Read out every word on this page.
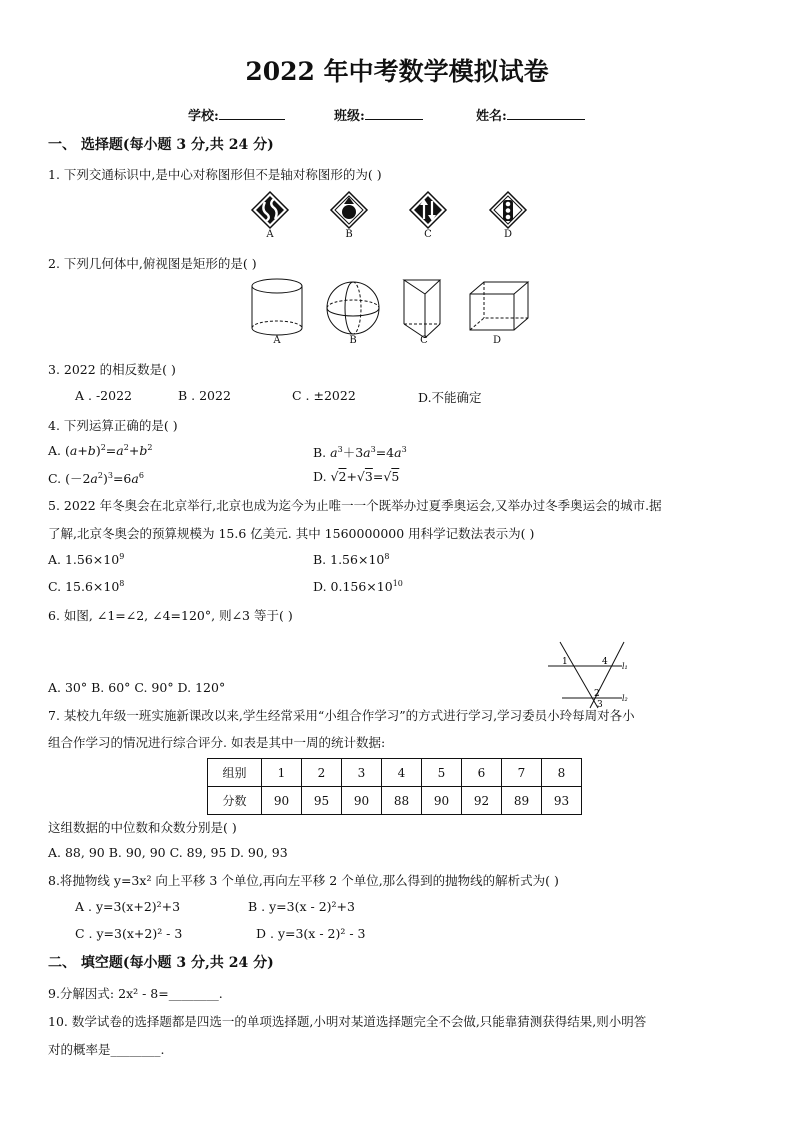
2022 年中考数学模拟试卷
学校:	班级:	姓名:
一、 选择题(每小题 3 分,共 24 分)
1. 下列交通标识中,是中心对称图形但不是轴对称图形的为( )
A	B	C	D
2. 下列几何体中,俯视图是矩形的是( )
A	B	C	D
3. 2022 的相反数是( )
A . -2022	B . 2022	C . ±2022	D.不能确定
4. 下列运算正确的是( )
A. $(a+b)^2=a^2+b^2$	B. $a^3+3a^3=4a^3$
C. $(-2a^2)^3=6a^6$	D. √2+√3=√5
5. 2022 年冬奥会在北京举行,北京也成为迄今为止唯一一个既举办过夏季奥运会,又举办过冬季奥运会的城市.据
了解,北京冬奥会的预算规模为 15.6 亿美元. 其中 1560000000 用科学记数法表示为( )
A. $1.56\times 10^9$	B. $1.56\times 10^8$
C. $15.6\times 10^8$	D. $0.156\times 10^{10}$
6. 如图, ∠1=∠2, ∠4=120°, 则∠3 等于( )
A. 30° B. 60° C. 90° D. 120°
1	4 l₁
2
3
l₂
7. 某校九年级一班实施新课改以来,学生经常采用“小组合作学习”的方式进行学习,学习委员小玲每周对各小
组合作学习的情况进行综合评分. 如表是其中一周的统计数据:
组别	1	2	3	4	5	6	7	8
分数	90	95	90	88	90	92	89	93
这组数据的中位数和众数分别是( )
A. 88, 90 B. 90, 90 C. 89, 95 D. 90, 93
8.将抛物线 y=3x² 向上平移 3 个单位,再向左平移 2 个单位,那么得到的抛物线的解析式为( )
A . y=3(x+2)²+3	B . y=3(x - 2)²+3
C . y=3(x+2)² - 3	D . y=3(x - 2)² - 3
二、 填空题(每小题 3 分,共 24 分)
9.分解因式: 2x² - 8=________.
10. 数学试卷的选择题都是四选一的单项选择题,小明对某道选择题完全不会做,只能靠猜测获得结果,则小明答
对的概率是________.
